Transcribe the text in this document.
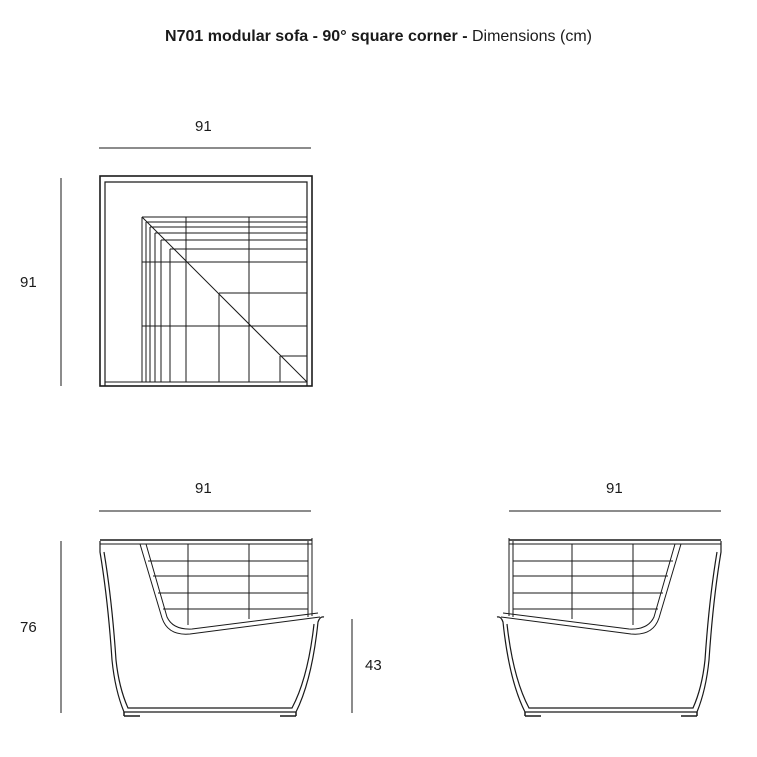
N701 modular sofa - 90° square corner - Dimensions (cm)
91
91
91
76
91
43
